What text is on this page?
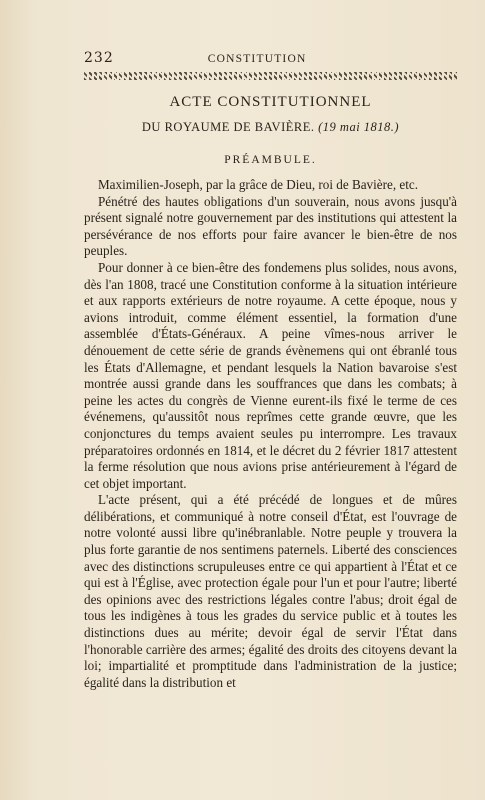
232	CONSTITUTION
ACTE CONSTITUTIONNEL
DU ROYAUME DE BAVIÈRE. (19 mai 1818.)
PRÉAMBULE.

Maximilien-Joseph, par la grâce de Dieu, roi de Bavière, etc.

Pénétré des hautes obligations d'un souverain, nous avons jusqu'à présent signalé notre gouvernement par des institutions qui attestent la persévérance de nos efforts pour faire avancer le bien-être de nos peuples.

Pour donner à ce bien-être des fondemens plus solides, nous avons, dès l'an 1808, tracé une Constitution conforme à la situation intérieure et aux rapports extérieurs de notre royaume. A cette époque, nous y avions introduit, comme élément essentiel, la formation d'une assemblée d'États-Généraux. A peine vîmes-nous arriver le dénouement de cette série de grands évènemens qui ont ébranlé tous les États d'Allemagne, et pendant lesquels la Nation bavaroise s'est montrée aussi grande dans les souffrances que dans les combats; à peine les actes du congrès de Vienne eurent-ils fixé le terme de ces événemens, qu'aussitôt nous reprîmes cette grande œuvre, que les conjonctures du temps avaient seules pu interrompre. Les travaux préparatoires ordonnés en 1814, et le décret du 2 février 1817 attestent la ferme résolution que nous avions prise antérieurement à l'égard de cet objet important.

L'acte présent, qui a été précédé de longues et de mûres délibérations, et communiqué à notre conseil d'État, est l'ouvrage de notre volonté aussi libre qu'inébranlable. Notre peuple y trouvera la plus forte garantie de nos sentimens paternels. Liberté des consciences avec des distinctions scrupuleuses entre ce qui appartient à l'État et ce qui est à l'Église, avec protection égale pour l'un et pour l'autre; liberté des opinions avec des restrictions légales contre l'abus; droit égal de tous les indigènes à tous les grades du service public et à toutes les distinctions dues au mérite; devoir égal de servir l'État dans l'honorable carrière des armes; égalité des droits des citoyens devant la loi; impartialité et promptitude dans l'administration de la justice; égalité dans la distribution et
